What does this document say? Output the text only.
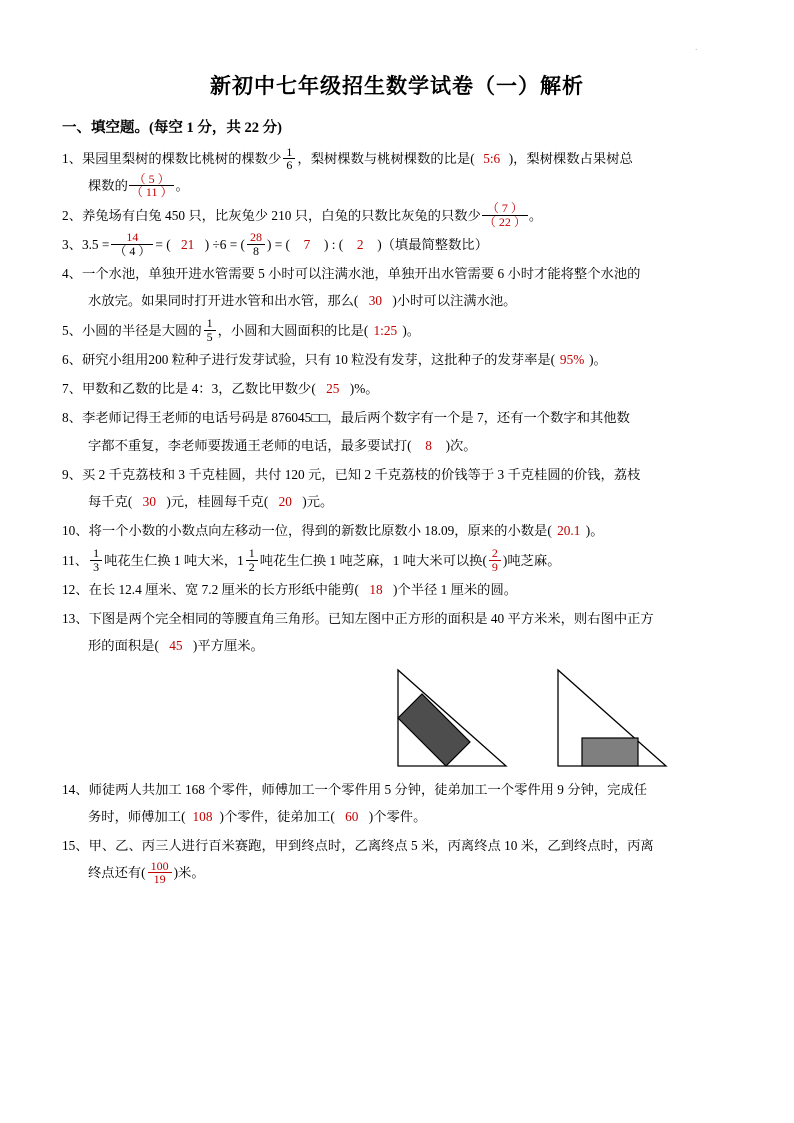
·
新初中七年级招生数学试卷（一）解析
一、填空题。(每空 1 分，共 22 分)
1、果园里梨树的棵数比桃树的棵数少 $\frac{1}{6}$ ，梨树棵数与桃树棵数的比是( 5:6 )，梨树棵数占果树总
棵数的 $\frac{( 5 )}{( 11 )}$ 。
2、养兔场有白兔 450 只，比灰兔少 210 只，白兔的只数比灰兔的只数少 $\frac{( 7 )}{( 22 )}$ 。
3、$3.5 = \frac{14}{( 4 )}$ = ( 21 ) ÷6 = ( $\frac{28}{8}$ ) = ( 7 ) : ( 2 )（填最简整数比）
4、一个水池，单独开进水管需要 5 小时可以注满水池，单独开出水管需要 6 小时才能将整个水池的
水放完。如果同时打开进水管和出水管，那么( 30 )小时可以注满水池。
5、小圆的半径是大圆的 $\frac{1}{5}$ ，小圆和大圆面积的比是( 1:25 )。
6、研究小组用200 粒种子进行发芽试验，只有 10 粒没有发芽，这批种子的发芽率是( 95% )。
7、甲数和乙数的比是 4：3，乙数比甲数少( 25 )%。
8、李老师记得王老师的电话号码是 876045□□，最后两个数字有一个是 7，还有一个数字和其他数
字都不重复，李老师要拨通王老师的电话，最多要试打( 8 )次。
9、买 2 千克荔枝和 3 千克桂圆，共付 120 元，已知 2 千克荔枝的价钱等于 3 千克桂圆的价钱，荔枝
每千克( 30 )元，桂圆每千克( 20 )元。
10、将一个小数的小数点向左移动一位，得到的新数比原数小 18.09，原来的小数是( 20.1 )。
11、 $\frac{1}{3}$ 吨花生仁换 1 吨大米，$1 \frac{1}{2}$ 吨花生仁换 1 吨芝麻，1 吨大米可以换( $\frac{2}{9}$ )吨芝麻。
12、在长 12.4 厘米、宽 7.2 厘米的长方形纸中能剪( 18 )个半径 1 厘米的圆。
13、下图是两个完全相同的等腰直角三角形。已知左图中正方形的面积是 40 平方米米，则右图中正方
形的面积是( 45 )平方厘米。
14、师徒两人共加工 168 个零件，师傅加工一个零件用 5 分钟，徒弟加工一个零件用 9 分钟，完成任
务时，师傅加工( 108 )个零件，徒弟加工( 60 )个零件。
15、甲、乙、丙三人进行百米赛跑，甲到终点时，乙离终点 5 米，丙离终点 10 米，乙到终点时，丙离
终点还有( $\frac{100}{19}$ )米。
